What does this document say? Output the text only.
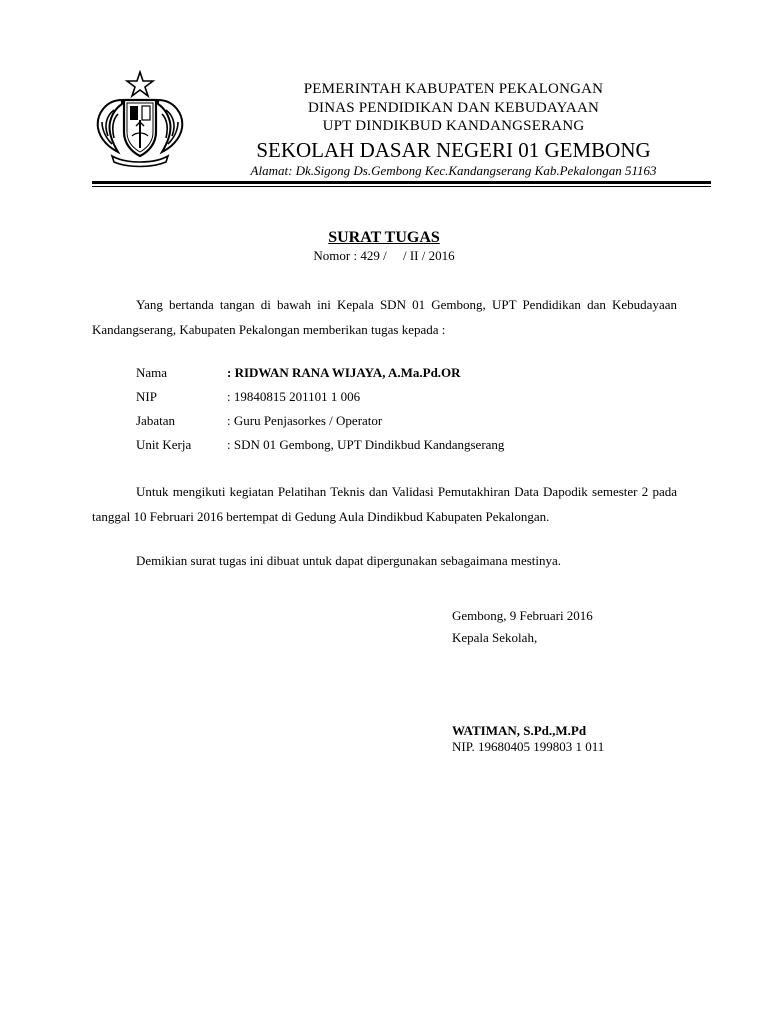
PEMERINTAH KABUPATEN PEKALONGAN
DINAS PENDIDIKAN DAN KEBUDAYAAN
UPT DINDIKBUD KANDANGSERANG
SEKOLAH DASAR NEGERI 01 GEMBONG
Alamat: Dk.Sigong Ds.Gembong Kec.Kandangserang Kab.Pekalongan 51163
SURAT TUGAS
Nomor : 429 /     / II / 2016
Yang bertanda tangan di bawah ini Kepala SDN 01 Gembong, UPT Pendidikan dan Kebudayaan Kandangserang, Kabupaten Pekalongan memberikan tugas kepada :
Nama	: RIDWAN RANA WIJAYA, A.Ma.Pd.OR
NIP	: 19840815 201101 1 006
Jabatan	: Guru Penjasorkes / Operator
Unit Kerja	: SDN 01 Gembong, UPT Dindikbud Kandangserang
Untuk mengikuti kegiatan Pelatihan Teknis dan Validasi Pemutakhiran Data Dapodik semester 2 pada tanggal 10 Februari 2016 bertempat di Gedung Aula Dindikbud Kabupaten Pekalongan.
Demikian surat tugas ini dibuat untuk dapat dipergunakan sebagaimana mestinya.
Gembong, 9 Februari 2016
Kepala Sekolah,
WATIMAN, S.Pd.,M.Pd
NIP. 19680405 199803 1 011
